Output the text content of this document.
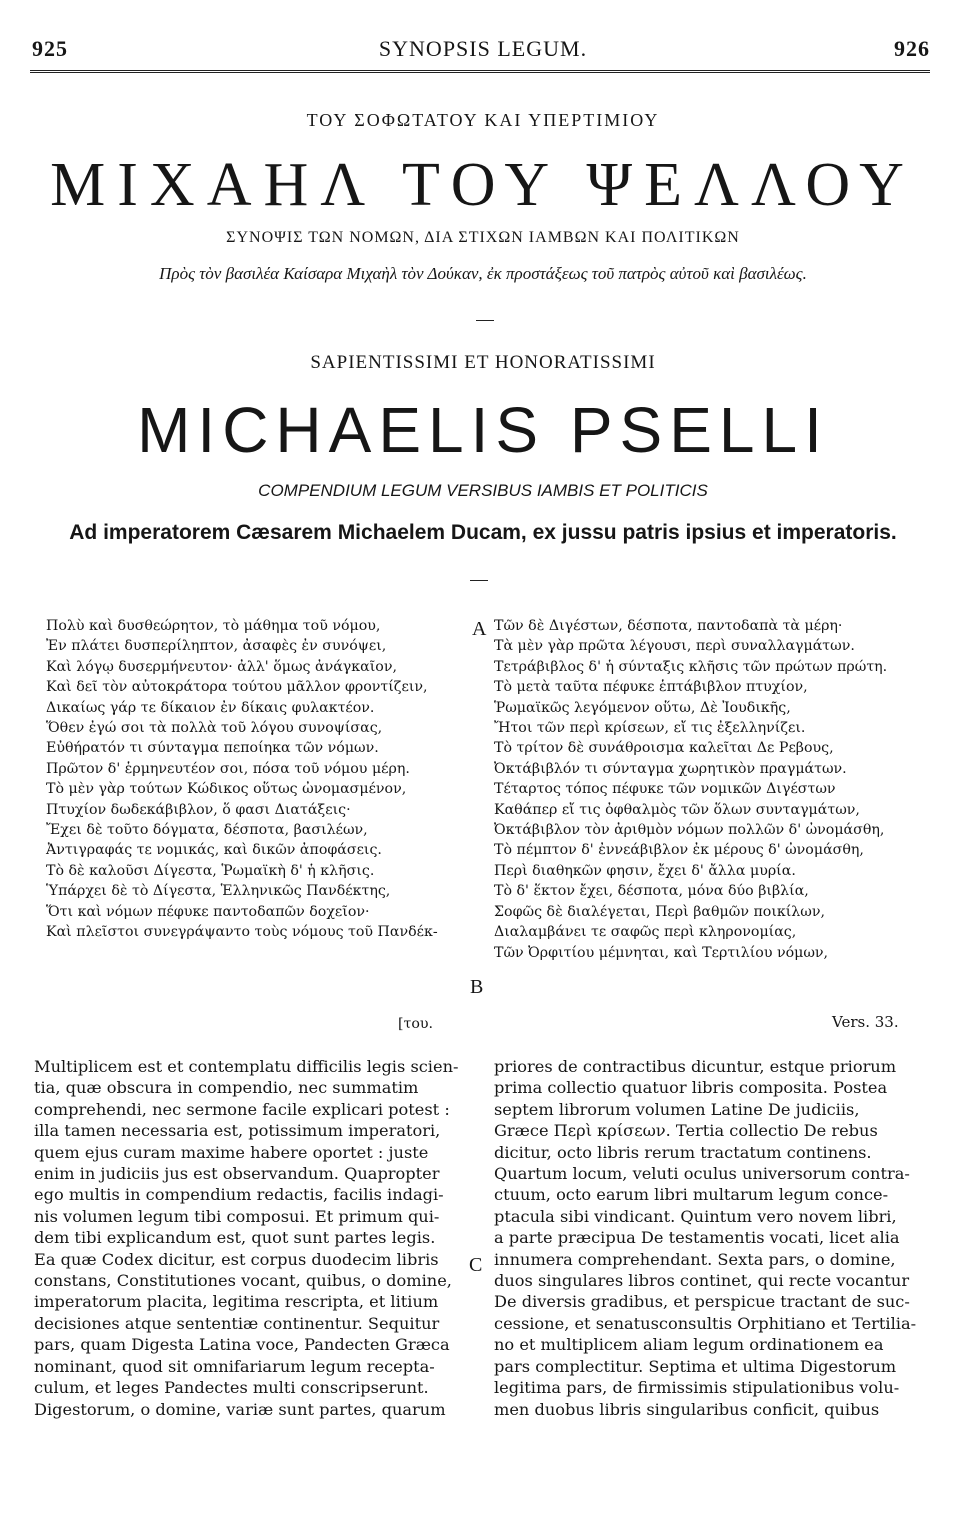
925	SYNOPSIS LEGUM.	926
ΤΟΥ ΣΟΦΩΤΑΤΟΥ ΚΑΙ ΥΠΕΡΤΙΜΙΟΥ
ΜΙΧΑΗΛ ΤΟΥ ΨΕΛΛΟΥ
ΣΥΝΟΨΙΣ ΤΩΝ ΝΟΜΩΝ, ΔΙΑ ΣΤΙΧΩΝ ΙΑΜΒΩΝ ΚΑΙ ΠΟΛΙΤΙΚΩΝ
Πρὸς τὸν βασιλέα Καίσαρα Μιχαὴλ τὸν Δούκαν, ἐκ προστάξεως τοῦ πατρὸς αὐτοῦ καὶ βασιλέως.
SAPIENTISSIMI ET HONORATISSIMI
MICHAELIS PSELLI
COMPENDIUM LEGUM VERSIBUS IAMBIS ET POLITICIS
Ad imperatorem Cæsarem Michaelem Ducam, ex jussu patris ipsius et imperatoris.
Πολὺ καὶ δυσθεώρητον, τὸ μάθημα τοῦ νόμου,
Ἐν πλάτει δυσπερίληπτον, ἀσαφὲς ἐν συνόψει,
Καὶ λόγῳ δυσερμήνευτον· ἀλλ' ὅμως ἀνάγκαῖον,
Καὶ δεῖ τὸν αὐτοκράτορα τούτου μᾶλλον φροντίζειν,
Δικαίως γάρ τε δίκαιον ἐν δίκαις φυλακτέον.
Ὅθεν ἐγώ σοι τὰ πολλὰ τοῦ λόγου συνοψίσας,
Εὐθήρατόν τι σύνταγμα πεποίηκα τῶν νόμων.
Πρῶτον δ' ἑρμηνευτέον σοι, πόσα τοῦ νόμου μέρη.
Τὸ μὲν γὰρ τούτων Κώδικος οὕτως ὠνομασμένον,
Πτυχίον δωδεκάβιβλον, ὅ φασι Διατάξεις·
Ἔχει δὲ τοῦτο δόγματα, δέσποτα, βασιλέων,
Ἀντιγραφάς τε νομικάς, καὶ δικῶν ἀποφάσεις.
Τὸ δὲ καλοῦσι Δίγεστα, Ῥωμαϊκὴ δ' ἡ κλῆσις.
Ὑπάρχει δὲ τὸ Δίγεστα, Ἑλληνικῶς Πανδέκτης,
Ὅτι καὶ νόμων πέφυκε παντοδαπῶν δοχεῖον·
Καὶ πλεῖστοι συνεγράψαντο τοὺς νόμους τοῦ Πανδέκ-
[του.
A
B
Τῶν δὲ Διγέστων, δέσποτα, παντοδαπὰ τὰ μέρη·
Τὰ μὲν γὰρ πρῶτα λέγουσι, περὶ συναλλαγμάτων.
Τετράβιβλος δ' ἡ σύνταξις κλῆσις τῶν πρώτων πρώτη.
Τὸ μετὰ ταῦτα πέφυκε ἑπτάβιβλον πτυχίον,
Ῥωμαϊκῶς λεγόμενον οὕτω, Δὲ Ἰουδικῆς,
Ἤτοι τῶν περὶ κρίσεων, εἴ τις ἐξελληνίζει.
Τὸ τρίτον δὲ συνάθροισμα καλεῖται Δε Ρεβους,
Ὀκτάβιβλόν τι σύνταγμα χωρητικὸν πραγμάτων.
Τέταρτος τόπος πέφυκε τῶν νομικῶν Διγέστων
Καθάπερ εἴ τις ὀφθαλμὸς τῶν ὅλων συνταγμάτων,
Ὀκτάβιβλον τὸν ἀριθμὸν νόμων πολλῶν δ' ὠνομάσθη,
Τὸ πέμπτον δ' ἐννεάβιβλον ἐκ μέρους δ' ὠνομάσθη,
Περὶ διαθηκῶν φησιν, ἔχει δ' ἄλλα μυρία.
Τὸ δ' ἕκτον ἔχει, δέσποτα, μόνα δύο βιβλία,
Σοφῶς δὲ διαλέγεται, Περὶ βαθμῶν ποικίλων,
Διαλαμβάνει τε σαφῶς περὶ κληρονομίας,
Τῶν Ὀρφιτίου μέμνηται, καὶ Τερτιλίου νόμων,
Vers. 33.
Multiplicem est et contemplatu difficilis legis scien-
tia, quæ obscura in compendio, nec summatim
comprehendi, nec sermone facile explicari potest :
illa tamen necessaria est, potissimum imperatori,
quem ejus curam maxime habere oportet : juste
enim in judiciis jus est observandum. Quapropter
ego multis in compendium redactis, facilis indagi-
nis volumen legum tibi composui. Et primum qui-
dem tibi explicandum est, quot sunt partes legis.
Ea quæ Codex dicitur, est corpus duodecim libris
constans, Constitutiones vocant, quibus, o domine,
imperatorum placita, legitima rescripta, et litium
decisiones atque sententiæ continentur. Sequitur
pars, quam Digesta Latina voce, Pandecten Græca
nominant, quod sit omnifariarum legum recepta-
culum, et leges Pandectes multi conscripserunt.
Digestorum, o domine, variæ sunt partes, quarum
C
priores de contractibus dicuntur, estque priorum
prima collectio quatuor libris composita. Postea
septem librorum volumen Latine De judiciis,
Græce Περὶ κρίσεων. Tertia collectio De rebus
dicitur, octo libris rerum tractatum continens.
Quartum locum, veluti oculus universorum contra-
ctuum, octo earum libri multarum legum conce-
ptacula sibi vindicant. Quintum vero novem libri,
a parte præcipua De testamentis vocati, licet alia
innumera comprehendant. Sexta pars, o domine,
duos singulares libros continet, qui recte vocantur
De diversis gradibus, et perspicue tractant de suc-
cessione, et senatusconsultis Orphitiano et Tertilia-
no et multiplicem aliam legum ordinationem ea
pars complectitur. Septima et ultima Digestorum
legitima pars, de firmissimis stipulationibus volu-
men duobus libris singularibus conficit, quibus
